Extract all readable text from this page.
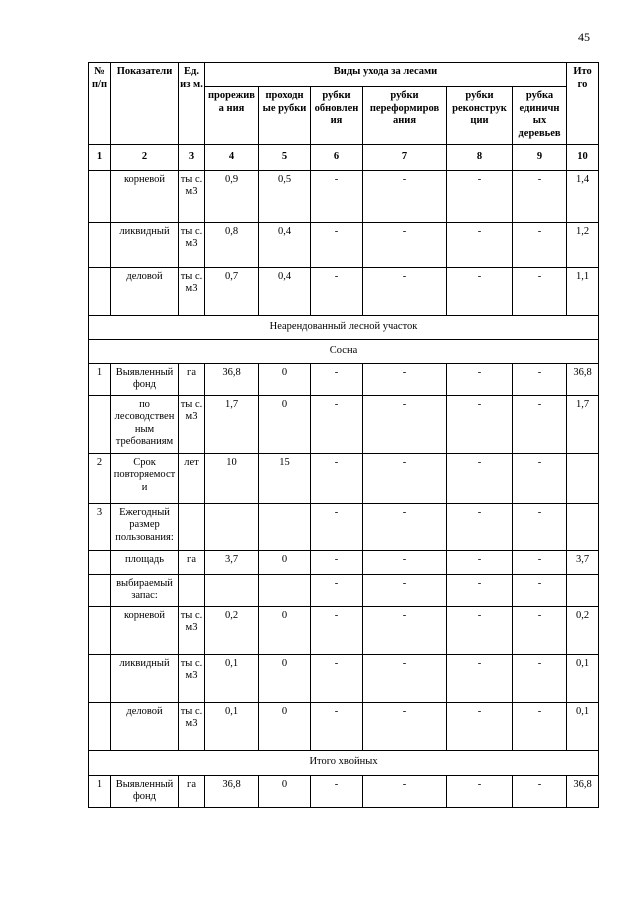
45
№ п/п	Показатели	Ед. из м.	Виды ухода за лесами						Ито го
			прорежива ния	проходн ые рубки	рубки обновлен ия	рубки переформиров ания	рубки реконструк ции	рубка единичн ых деревьев	
1	2	3	4	5	6	7	8	9	10
	корневой	ты с. м3	0,9	0,5	-	-	-	-	1,4
	ликвидный	ты с. м3	0,8	0,4	-	-	-	-	1,2
	деловой	ты с. м3	0,7	0,4	-	-	-	-	1,1
Неарендованный лесной участок									
Сосна									
1	Выявленный фонд	га	36,8	0	-	-	-	-	36,8
	по лесоводствен ным требованиям	ты с. м3	1,7	0	-	-	-	-	1,7
2	Срок повторяемост и	лет	10	15	-	-	-	-	
3	Ежегодный размер пользования:				-	-	-	-	
	площадь	га	3,7	0	-	-	-	-	3,7
	выбираемый запас:				-	-	-	-	
	корневой	ты с. м3	0,2	0	-	-	-	-	0,2
	ликвидный	ты с. м3	0,1	0	-	-	-	-	0,1
	деловой	ты с. м3	0,1	0	-	-	-	-	0,1
Итого хвойных									
1	Выявленный фонд	га	36,8	0	-	-	-	-	36,8
